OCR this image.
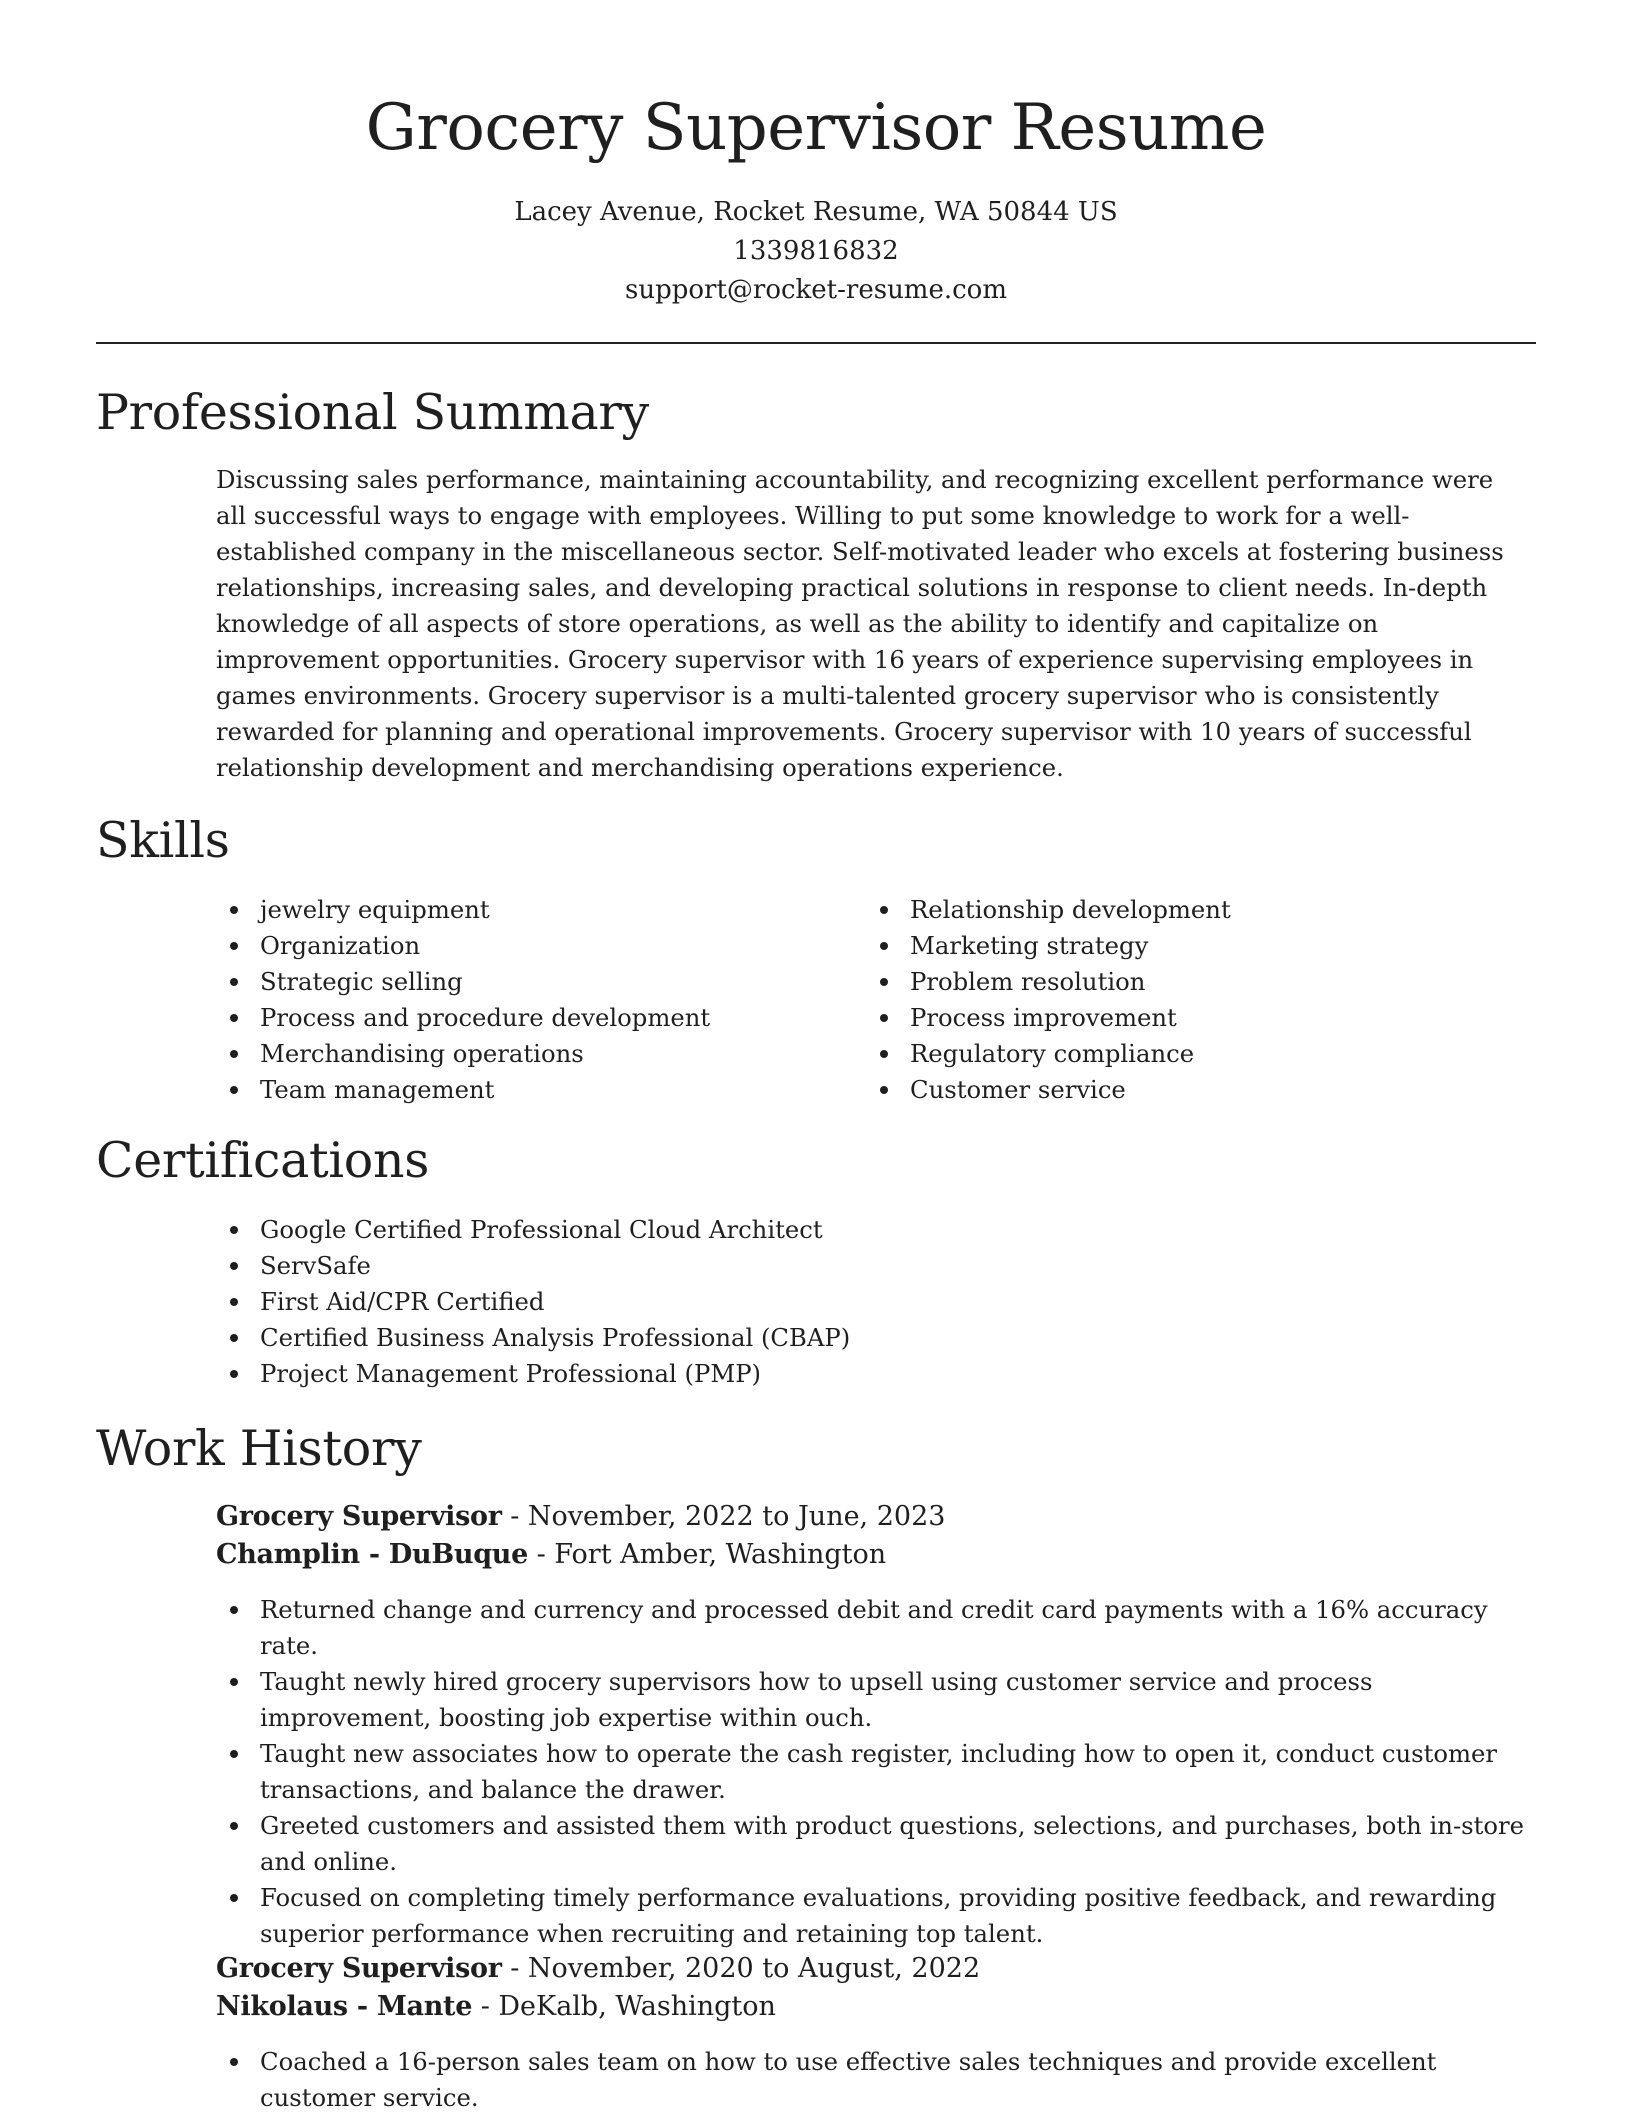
Grocery Supervisor Resume
Lacey Avenue, Rocket Resume, WA 50844 US
1339816832
support@rocket-resume.com
Professional Summary

Discussing sales performance, maintaining accountability, and recognizing excellent performance were all successful ways to engage with employees. Willing to put some knowledge to work for a well-established company in the miscellaneous sector. Self-motivated leader who excels at fostering business relationships, increasing sales, and developing practical solutions in response to client needs. In-depth knowledge of all aspects of store operations, as well as the ability to identify and capitalize on improvement opportunities. Grocery supervisor with 16 years of experience supervising employees in games environments. Grocery supervisor is a multi-talented grocery supervisor who is consistently rewarded for planning and operational improvements. Grocery supervisor with 10 years of successful relationship development and merchandising operations experience.

Skills
jewelry equipment
Organization
Strategic selling
Process and procedure development
Merchandising operations
Team management
Relationship development
Marketing strategy
Problem resolution
Process improvement
Regulatory compliance
Customer service
Certifications
Google Certified Professional Cloud Architect
ServSafe
First Aid/CPR Certified
Certified Business Analysis Professional (CBAP)
Project Management Professional (PMP)
Work History
Grocery Supervisor - November, 2022 to June, 2023
Champlin - DuBuque - Fort Amber, Washington
Returned change and currency and processed debit and credit card payments with a 16% accuracy rate.
Taught newly hired grocery supervisors how to upsell using customer service and process improvement, boosting job expertise within ouch.
Taught new associates how to operate the cash register, including how to open it, conduct customer transactions, and balance the drawer.
Greeted customers and assisted them with product questions, selections, and purchases, both in-store and online.
Focused on completing timely performance evaluations, providing positive feedback, and rewarding superior performance when recruiting and retaining top talent.
Grocery Supervisor - November, 2020 to August, 2022
Nikolaus - Mante - DeKalb, Washington
Coached a 16-person sales team on how to use effective sales techniques and provide excellent customer service.
